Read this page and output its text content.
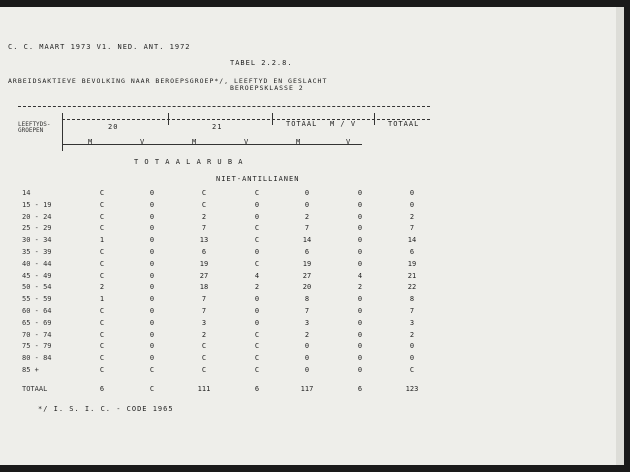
C. C. MAART 1973 V1. NED. ANT. 1972
TABEL 2.2.8.
ARBEIDSAKTIEVE BEVOLKING NAAR BEROEPSGROEP*/, LEEFTYD EN GESLACHT
BEROEPSKLASSE 2
LEEFTYDS-
GROEPEN	20	21	TOTAAL M / V	TOTAAL
M	V	M	V	M	V
T O T A A L A R U B A
NIET-ANTILLIANEN
14	C	0	C	C	0	0	0
15 - 19	C	0	C	0	0	0	0
20 - 24	C	0	2	0	2	0	2
25 - 29	C	0	7	C	7	0	7
30 - 34	1	0	13	C	14	0	14
35 - 39	C	0	6	0	6	0	6
40 - 44	C	0	19	C	19	0	19
45 - 49	C	0	27	4	27	4	21
50 - 54	2	0	18	2	20	2	22
55 - 59	1	0	7	0	8	0	8
60 - 64	C	0	7	0	7	0	7
65 - 69	C	0	3	0	3	0	3
70 - 74	C	0	2	C	2	0	2
75 - 79	C	0	C	C	0	0	0
80 - 84	C	0	C	C	0	0	0
85 +	C	C	C	C	0	0	C
TOTAAL	6	C	111	6	117	6	123
*/ I. S. I. C. - CODE 1965
